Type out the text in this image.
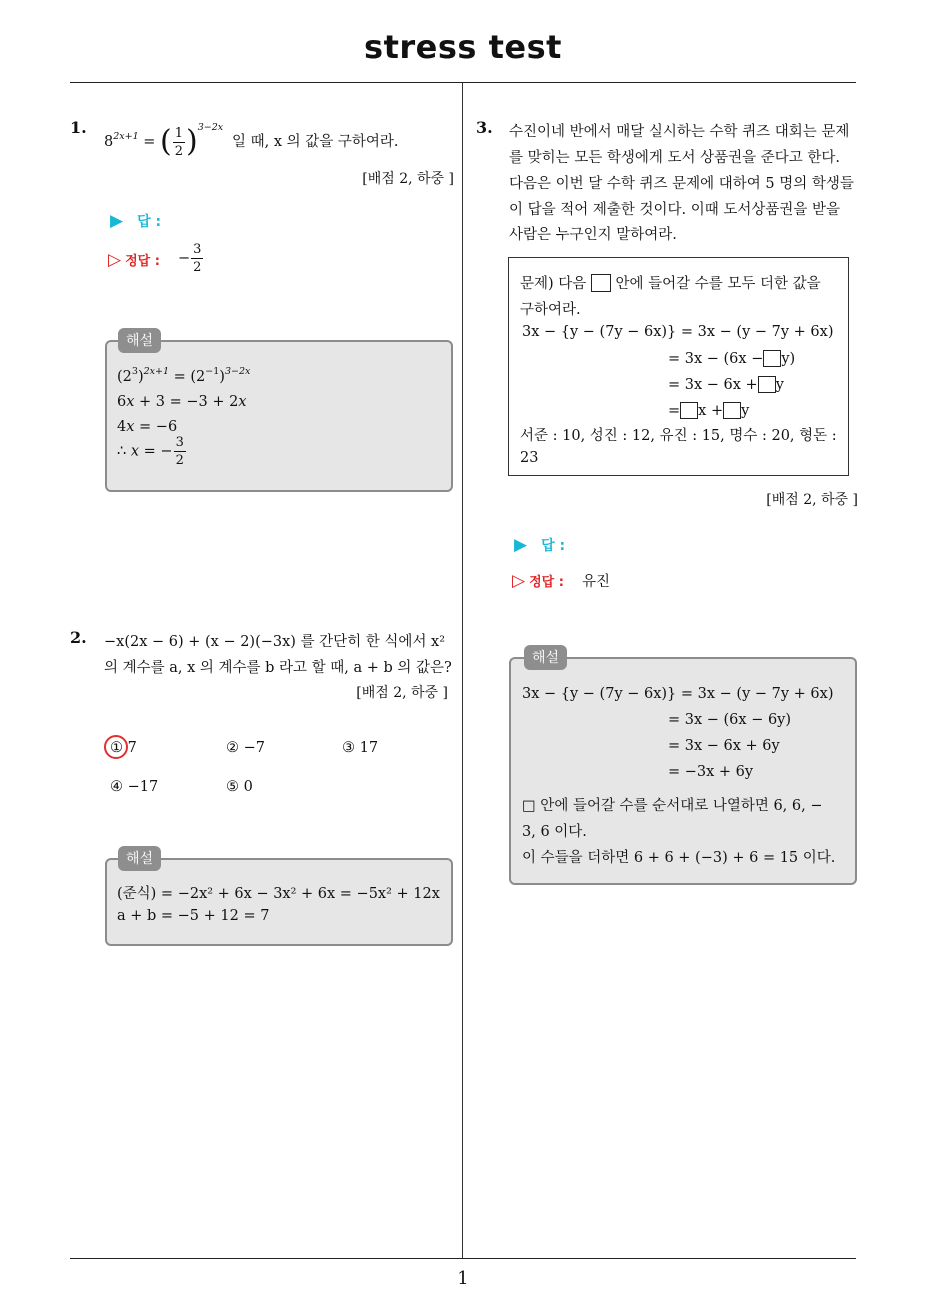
stress test
1.
$8^{2x+1}$ = ( $\frac{1}{2} )^{3-2x}$
일 때, x 의 값을 구하여라.
[배점 2, 하중 ]
▶ 답 :
▷ 정답 : − $\frac{3}{2}$
해설
$(2^3)^{2x+1} = (2^{-1})^{3-2x}$
6x + 3 = −3 + 2x
4x = −6
∴ x = − $\frac{3}{2}$
2. −x(2x − 6) + (x − 2)(−3x) 를 간단히 한 식에서 x²
의 계수를 a, x 의 계수를 b 라고 할 때, a + b 의 값은?
[배점 2, 하중 ]
① 7	② −7	③ 17
④ −17	⑤ 0
해설
(준식) = −2x² + 6x − 3x² + 6x = −5x² + 12x
a + b = −5 + 12 = 7
3. 수진이네 반에서 매달 실시하는 수학 퀴즈 대회는 문제
를 맞히는 모든 학생에게 도서 상품권을 준다고 한다.
다음은 이번 달 수학 퀴즈 문제에 대하여 5 명의 학생들
이 답을 적어 제출한 것이다. 이때 도서상품권을 받을
사람은 누구인지 말하여라.
문제) 다음 안에 들어갈 수를 모두 더한 값을
구하여라.
3x − {y − (7y − 6x)} = 3x − (y − 7y + 6x)
= 3x − (6x − y)
= 3x − 6x + y
= x + y
서준 : 10, 성진 : 12, 유진 : 15, 명수 : 20, 형돈 :
23
[배점 2, 하중 ]
▶ 답 :
▷ 정답 : 유진
해설
3x − {y − (7y − 6x)} = 3x − (y − 7y + 6x)
= 3x − (6x − 6y)
= 3x − 6x + 6y
= −3x + 6y
□ 안에 들어갈 수를 순서대로 나열하면 6, 6, −
3, 6 이다.
이 수들을 더하면 6 + 6 + (−3) + 6 = 15 이다.
1
